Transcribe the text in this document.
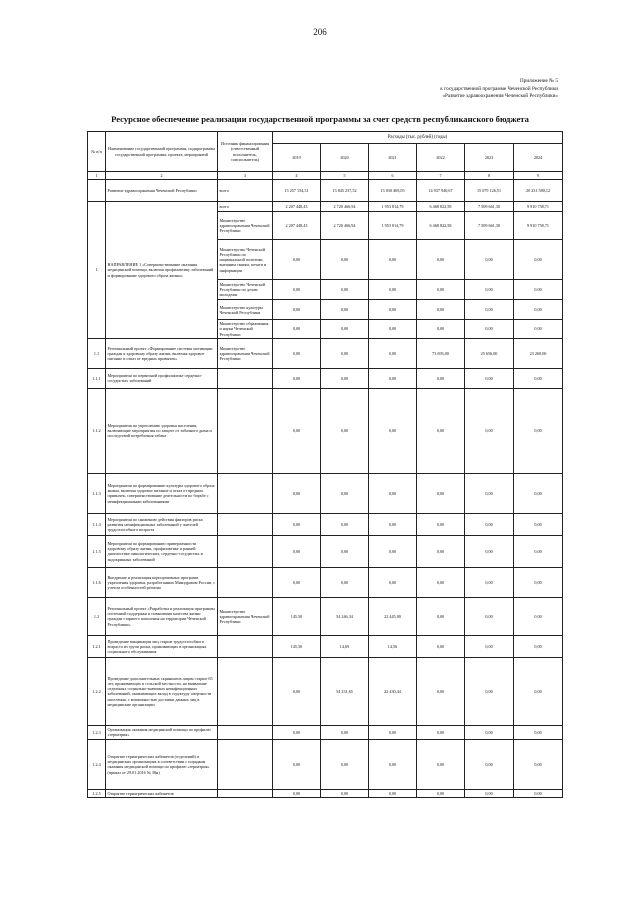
206
Приложение № 5
к государственной программе Чеченской Республики
«Развитие здравоохранения Чеченской Республики»
Ресурсное обеспечение реализации государственной программы за счет средств республиканского бюджета
№ п/п	Наименование государственной программы, подпрограммы государственной программы, проекта, мероприятий	Источник финансирования (ответственный исполнитель, соисполнитель)	Расходы (тыс. рублей) (годы)					
			2019	2020	2021	2022	2023	2024
1	2	3	4	5	6	7	8	9
	Развитие здравоохранения Чеченской Республики	всего	13 257 154,31	13 845 237,52	13 030 469,05	14 937 940,67	15 079 126,51	20 231 580,12
1	НАПРАВЛЕНИЕ 1 «Совершенствование оказания медицинской помощи, включая профилактику заболеваний и формирование здорового образа жизни»	всего	2 207 448,43	2 720 466,94	1 953 814,79	6 468 822,58	7 509 661,30	9 910 758,71
		Министерство здравоохранения Чеченской Республики	2 207 448,43	2 720 466,94	1 953 814,79	6 468 822,58	7 509 661,30	9 910 758,71
		Министерство Чеченской Республики по национальной политике, внешним связям, печати и информации	0,00	0,00	0,00	0,00	0,00	0,00
		Министерство Чеченской Республики по делам молодежи	0,00	0,00	0,00	0,00	0,00	0,00
		Министерство культуры Чеченской Республики	0,00	0,00	0,00	0,00	0,00	0,00
		Министерство образования и науки Чеченской Республики	0,00	0,00	0,00	0,00	0,00	0,00
1.1	Региональный проект «Формирование системы мотивации граждан к здоровому образу жизни, включая здоровое питание и отказ от вредных привычек»	Министерство здравоохранения Чеченской Республики	0,00	0,00	0,00	73 693,00	25 656,00	23 260,00
1.1.1	Мероприятия по первичной профилактике сердечно-сосудистых заболеваний		0,00	0,00	0,00	0,00	0,00	0,00
1.1.2	Мероприятия по укреплению здоровья населения, включающие мероприятия по защите от табачного дыма и последствий потребления табака		0,00	0,00	0,00	0,00	0,00	0,00
1.1.3	Мероприятия по формированию культуры здорового образа жизни, включая здоровое питание и отказ от вредных привычек, совершенствование деятельности по борьбе с неинфекционными заболеваниями		0,00	0,00	0,00	0,00	0,00	0,00
1.1.4	Мероприятия по снижению действия факторов риска развития неинфекционных заболеваний у жителей трудоспособного возраста		0,00	0,00	0,00	0,00	0,00	0,00
1.1.5	Мероприятия по формированию приверженности здоровому образу жизни, профилактике и ранней диагностике онкологических, сердечно-сосудистых и эндокринных заболеваний		0,00	0,00	0,00	0,00	0,00	0,00
1.1.6	Внедрение и реализация корпоративных программ укрепления здоровья, разработанных Минздравом России, с учетом особенностей региона		0,00	0,00	0,00	0,00	0,00	0,00
1.2	Региональный проект «Разработка и реализация программы системной поддержки и повышения качества жизни граждан старшего поколения на территории Чеченской Республики»	Министерство здравоохранения Чеченской Республики	145,50	54 246,34	22 445,00	0,00	0,00	0,00
1.2.1	Проведение вакцинации лиц старше трудоспособного возраста из групп риска, проживающих в организациях социального обслуживания		145,50	14,69	14,56	0,00	0,00	0,00
1.2.2	Проведение дополнительных скринингов лицам старше 65 лет, проживающих в сельской местности, на выявление отдельных социально-значимых неинфекционных заболеваний, оказывающих вклад в структуру смертности населения, с возможностью доставки данных лиц в медицинские организации		0,00	54 231,65	22 430,44	0,00	0,00	0,00
1.2.3	Организация оказания медицинской помощи по профилю «гериатрия»		0,00	0,00	0,00	0,00	0,00	0,00
1.2.4	Открытие гериатрических кабинетов (отделений) в медицинских организациях в соответствии с порядком оказания медицинской помощи по профилю «гериатрия» (приказ от 29.01.2016 № 38н)		0,00	0,00	0,00	0,00	0,00	0,00
1.2.5	Открытие гериатрических кабинетов		0,00	0,00	0,00	0,00	0,00	0,00
